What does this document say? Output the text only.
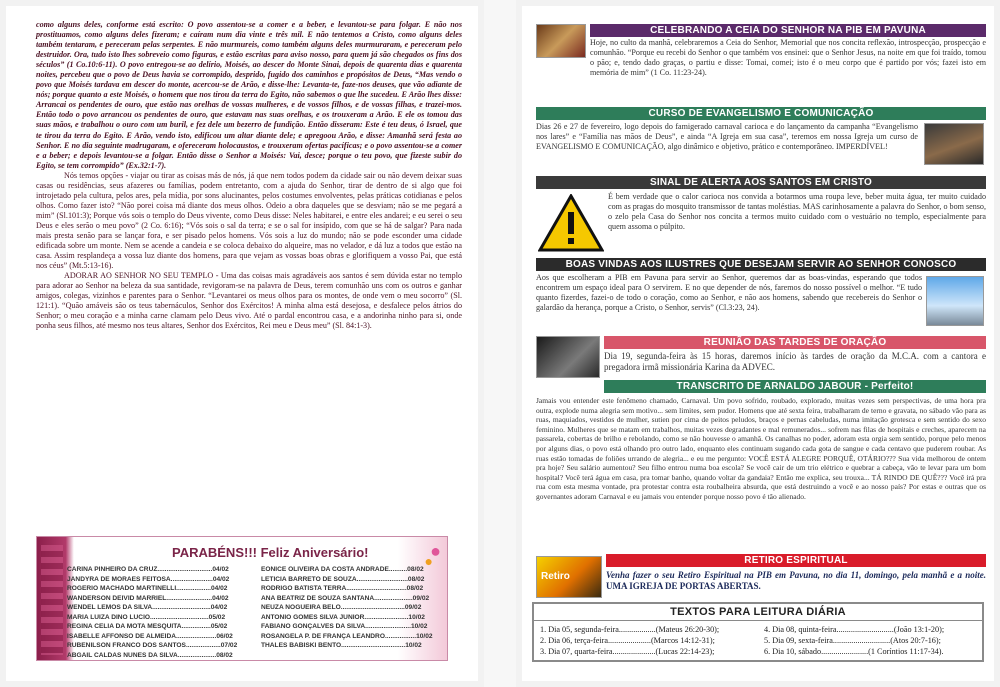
como alguns deles, conforme está escrito: O povo assentou-se a comer e a beber, e levantou-se para folgar. E não nos prostituamos, como alguns deles fizeram; e caíram num dia vinte e três mil. E não tentemos a Cristo, como alguns deles também tentaram, e pereceram pelas serpentes. E não murmureis, como também alguns deles murmuraram, e pereceram pelo destruidor. Ora, tudo isto lhes sobreveio como figuras, e estão escritas para aviso nosso, para quem já são chegados os fins dos séculos” (1 Co.10:6-11). O povo entregou-se ao delírio, Moisés, ao descer do Monte Sinai, depois de quarenta dias e quarenta noites, percebeu que o povo de Deus havia se corrompido, desprido, fugido dos caminhos e propósitos de Deus, “Mas vendo o povo que Moisés tardava em descer do monte, acercou-se de Arão, e disse-lhe: Levanta-te, faze-nos deuses, que vão adiante de nós; porque quanto a este Moisés, o homem que nos tirou da terra do Egito, não sabemos o que lhe sucedeu. E Arão lhes disse: Arrancai os pendentes de ouro, que estão nas orelhas de vossas mulheres, e de vossos filhos, e de vossas filhas, e trazei-mos. Então todo o povo arrancou os pendentes de ouro, que estavam nas suas orelhas, e os trouxeram a Arão. E ele os tomou das suas mãos, e trabalhou o ouro com um buril, e fez dele um bezerro de fundição. Então disseram: Este é teu deus, ó Israel, que te tirou da terra do Egito. E Arão, vendo isto, edificou um altar diante dele; e apregoou Arão, e disse: Amanhã será festa ao Senhor. E no dia seguinte madrugaram, e ofereceram holocaustos, e trouxeram ofertas pacíficas; e o povo assentou-se a comer e a beber; e depois levantou-se a folgar. Então disse o Senhor a Moisés: Vai, desce; porque o teu povo, que fizeste subir do Egito, se tem corrompido” (Ex.32:1-7).

Nós temos opções - viajar ou tirar as coisas más de nós, já que nem todos podem da cidade sair ou não devem deixar suas casas ou residências, seus afazeres ou famílias, podem entretanto, com a ajuda do Senhor, tirar de dentro de si algo que foi introjetado pela cultura, pelos ares, pela mídia, por sons alucinantes, pelos costumes envolventes, pelas práticas cotidianas e pelos olhos. Como fazer isto? “Não porei coisa má diante dos meus olhos. Odeio a obra daqueles que se desviam; não se me pegará a mim” (Sl.101:3); Porque vós sois o templo do Deus vivente, como Deus disse: Neles habitarei, e entre eles andarei; e eu serei o seu Deus e eles serão o meu povo” (2 Co. 6:16); “Vós sois o sal da terra; e se o sal for insípido, com que se há de salgar? Para nada mais presta senão para se lançar fora, e ser pisado pelos homens. Vós sois a luz do mundo; não se pode esconder uma cidade edificada sobre um monte. Nem se acende a candeia e se coloca debaixo do alqueire, mas no velador, e dá luz a todos que estão na casa. Assim resplandeça a vossa luz diante dos homens, para que vejam as vossas boas obras e glorifiquem a vosso Pai, que está nos céus” (Mt.5:13-16).

ADORAR AO SENHOR NO SEU TEMPLO - Uma das coisas mais agradáveis aos santos é sem dúvida estar no templo para adorar ao Senhor na beleza da sua santidade, revigoram-se na palavra de Deus, terem comunhão uns com os outros e ganhar amigos, colegas, vizinhos e parentes para o Senhor. “Levantarei os meus olhos para os montes, de onde vem o meu socorro” (Sl. 121:1). “Quão amáveis são os teus tabernáculos, Senhor dos Exércitos! A minha alma está desejosa, e desfalece pelos átrios do Senhor; o meu coração e a minha carne clamam pelo Deus vivo. Até o pardal encontrou casa, e a andorinha ninho para si, onde ponha seus filhos, até mesmo nos teus altares, Senhor dos Exércitos, Rei meu e Deus meu” (Sl. 84:1-3).

●
●
PARABÉNS!!! Feliz Aniversário!
CARINA PINHEIRO DA CRUZ..............................04/02
JANDYRA DE MORAES FEITOSA.......................04/02
ROGERIO MACHADO MARTINELLI...................04/02
WANDERSON DEIVID MARRIEL.........................04/02
WENDEL LEMOS DA SILVA................................04/02
MARIA LUIZA DINO LUCIO................................05/02
REGINA CELIA DA MOTA MESQUITA................05/02
ISABELLE AFFONSO DE ALMEIDA......................06/02
RUBENILSON FRANCO DOS SANTOS...................07/02
ABGAIL CALDAS NUNES DA SILVA.....................08/02
EONICE OLIVEIRA DA COSTA ANDRADE..........08/02
LETICIA BARRETO DE SOUZA............................08/02
RODRIGO BATISTA TERRA.................................08/02
ANA BEATRIZ DE SOUZA SANTANA.....................09/02
NEUZA NOGUEIRA BELO...................................09/02
ANTONIO GOMES SILVA JUNIOR........................10/02
FABIANO GONÇALVES DA SILVA.........................10/02
ROSANGELA P. DE FRANÇA LEANDRO.................10/02
THALES BABISKI BENTO...................................10/02
CELEBRANDO A CEIA DO SENHOR NA PIB EM PAVUNA
Hoje, no culto da manhã, celebraremos a Ceia do Senhor, Memorial que nos concita reflexão, introspecção, prospecção e comunhão. “Porque eu recebi do Senhor o que também vos ensinei: que o Senhor Jesus, na noite em que foi traído, tomou o pão; e, tendo dado graças, o partiu e disse: Tomai, comei; isto é o meu corpo que é partido por vós; fazei isto em memória de mim” (1 Co. 11:23-24).
CURSO DE EVANGELISMO E COMUNICAÇÃO
Dias 26 e 27 de fevereiro, logo depois do famigerado carnaval carioca e do lançamento da campanha “Evangelismo nos lares” e “Família nas mãos de Deus”, e ainda “A Igreja em sua casa”, teremos em nossa Igreja um curso de EVANGELISMO E COMUNICAÇÃO, algo dinâmico e objetivo, prático e contemporâneo. IMPERDÍVEL!
SINAL DE ALERTA AOS SANTOS EM CRISTO
É bem verdade que o calor carioca nos convida a botarmos uma roupa leve, beber muita água, ter muito cuidado com as pragas do mosquito transmissor de tantas moléstias. MAS carinhosamente a palavra do Senhor, o bom senso, o zelo pela Casa do Senhor nos concita a termos muito cuidado com o vestuário no templo, especialmente para quem assoma o púlpito.
BOAS VINDAS AOS ILUSTRES QUE DESEJAM SERVIR AO SENHOR CONOSCO
Aos que escolheram a PIB em Pavuna para servir ao Senhor, queremos dar as boas-vindas, esperando que todos encontrem um espaço ideal para O servirem. E no que depender de nós, faremos do nosso possível o melhor. “E tudo quanto fizerdes, fazei-o de todo o coração, como ao Senhor, e não aos homens, sabendo que recebereis do Senhor o galardão da herança, porque a Cristo, o Senhor, servis” (Cl.3:23, 24).
REUNIÃO DAS TARDES DE ORAÇÃO
Dia 19, segunda-feira às 15 horas, daremos início às tardes de oração da M.C.A. com a cantora e pregadora irmã missionária Karina da ADVEC.
TRANSCRITO DE ARNALDO JABOUR - Perfeito!
Jamais vou entender este fenômeno chamado, Carnaval. Um povo sofrido, roubado, explorado, muitas vezes sem perspectivas, de uma hora pra outra, explode numa alegria sem motivo... sem limites, sem pudor. Homens que até sexta feira, trabalharam de terno e gravata, no sábado vão para as ruas, maquiados, vestidos de mulher, sutien por cima de peitos peludos, braços e pernas cabeludas, numa imitação grotesca e sem sentido do sexo feminino. Mulheres que se matam em trabalhos, muitas vezes degradantes e mal remunerados... sofrem nas filas de hospitais e creches, aparecem na passarela, cobertas de brilho e rebolando, como se não houvesse o amanhã. Os canalhas no poder, adoram esta orgia sem sentido, porque pelo menos por alguns dias, o povo está olhando pro outro lado, enquanto eles continuam sugando cada gota de sangue e cada centavo que puderem roubar. As ruas estão tomadas de foliões urrando de alegria... e eu me pergunto: VOCÊ ESTÁ ALEGRE PORQUÊ, OTÁRIO??? Sua vida melhorou de ontem pra hoje? Seu salário aumentou? Seu filho entrou numa boa escola? Se você cair de um trio elétrico e quebrar a cabeça, vão te levar para um bom hospital? Você terá água em casa, pra tomar banho, quando voltar da gandaia? Então me explica, seu trouxa... TÁ RINDO DE QUÊ??? Você irá pra rua com esta mesma vontade, pra protestar contra esta roubalheira absurda, que está destruindo a você e ao nosso país? Por estas e outras que os governantes adoram Carnaval e eu jamais vou entender porque nosso povo é tão alienado.
Retiro
RETIRO ESPIRITUAL
Venha fazer o seu Retiro Espiritual na PIB em Pavuna, no dia 11, domingo, pela manhã e a noite. UMA IGREJA DE PORTAS ABERTAS.
TEXTOS PARA LEITURA DIÁRIA
1. Dia 05, segunda-feira..................(Mateus 26:20-30);
2. Dia 06, terça-feira.....................(Marcos 14:12-31);
3. Dia 07, quarta-feira.....................(Lucas 22:14-23);
4. Dia 08, quinta-feira............................(João 13:1-20);
5. Dia 09, sexta-feira............................(Atos 20:7-16);
6. Dia 10, sábado.......................(1 Coríntios 11:17-34).
